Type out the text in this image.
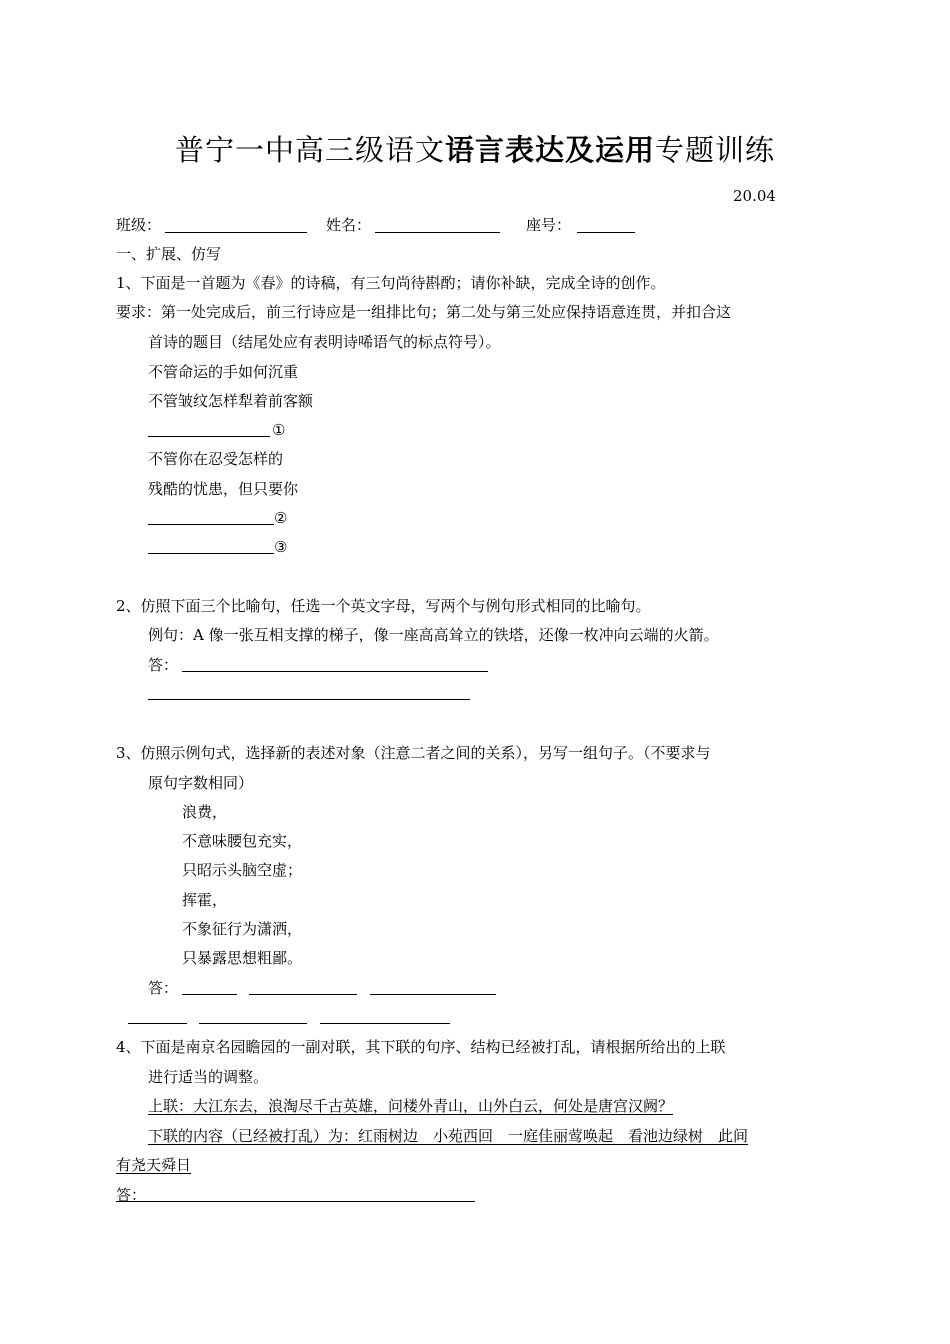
普宁一中高三级语文语言表达及运用专题训练
20.04
班级：	姓名：	座号：
一、扩展、仿写
1、下面是一首题为《春》的诗稿，有三句尚待斟酌；请你补缺，完成全诗的创作。
要求：第一处完成后，前三行诗应是一组排比句；第二处与第三处应保持语意连贯，并扣合这
首诗的题目（结尾处应有表明诗唏语气的标点符号）。
不管命运的手如何沉重
不管皱纹怎样犁着前客额
①
不管你在忍受怎样的
残酷的忧患，但只要你
②
③
2、仿照下面三个比喻句，任选一个英文字母，写两个与例句形式相同的比喻句。
例句：A 像一张互相支撑的梯子，像一座高高耸立的铁塔，还像一枚冲向云端的火箭。
答：
3、仿照示例句式，选择新的表述对象（注意二者之间的关系），另写一组句子。（不要求与
原句字数相同）
浪费，
不意味腰包充实，
只昭示头脑空虚；
挥霍，
不象征行为潇洒，
只暴露思想粗鄙。
答：
4、下面是南京名园瞻园的一副对联，其下联的句序、结构已经被打乱，请根据所给出的上联
进行适当的调整。
上联：大江东去，浪淘尽千古英雄，问楼外青山，山外白云，何处是唐宫汉阙？
下联的内容（已经被打乱）为：红雨树边　小苑西回　一庭佳丽莺唤起　看池边绿树　此间
有尧天舜日
答：
